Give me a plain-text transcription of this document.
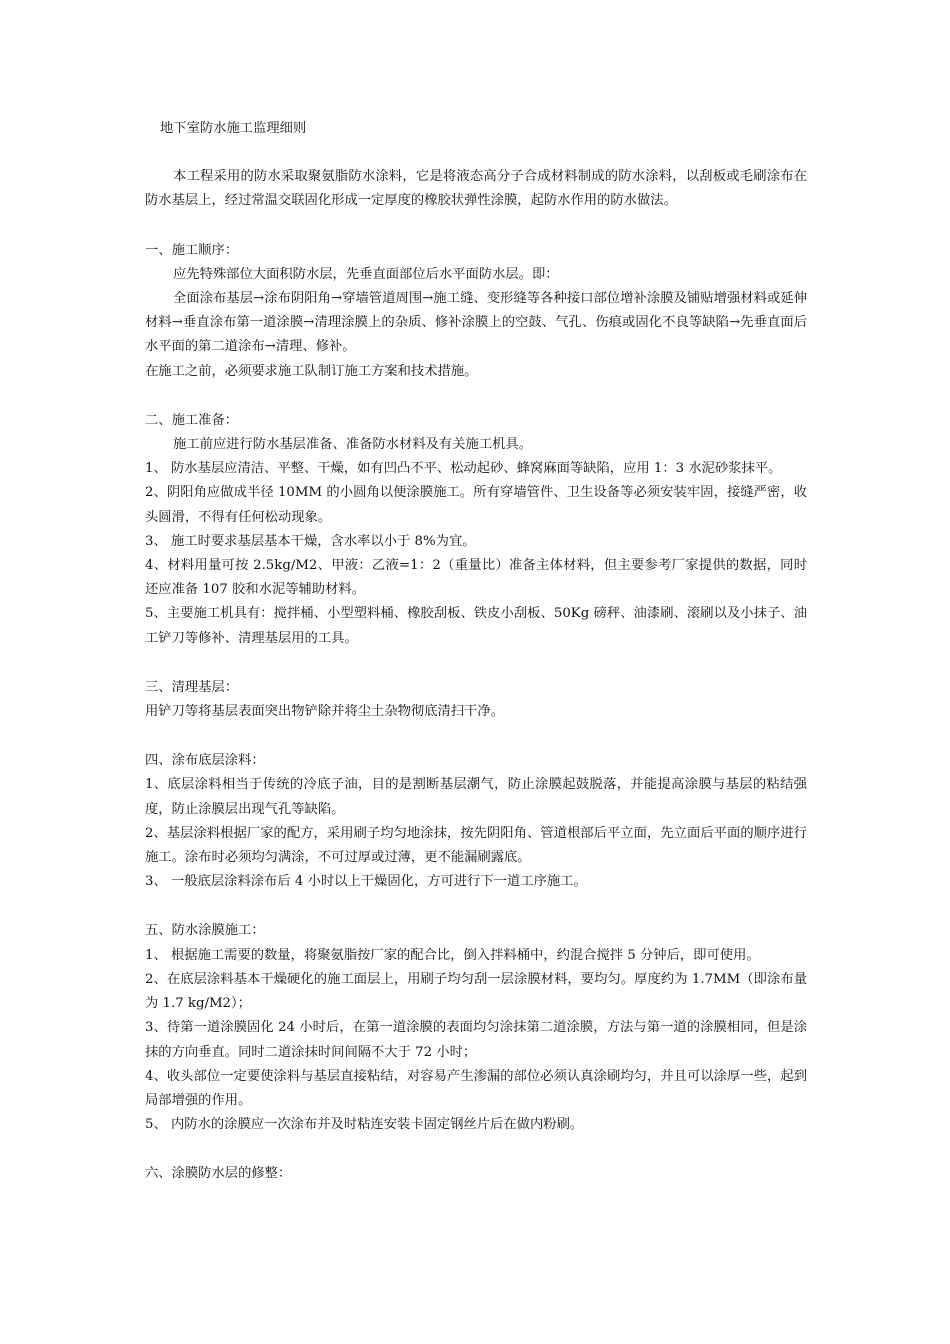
地下室防水施工监理细则

本工程采用的防水采取聚氨脂防水涂料，它是将液态高分子合成材料制成的防水涂料，以刮板或毛刷涂布在防水基层上，经过常温交联固化形成一定厚度的橡胶状弹性涂膜，起防水作用的防水做法。

一、施工顺序：

应先特殊部位大面积防水层，先垂直面部位后水平面防水层。即：

全面涂布基层→涂布阴阳角→穿墙管道周围→施工缝、变形缝等各种接口部位增补涂膜及铺贴增强材料或延伸材料→垂直涂布第一道涂膜→清理涂膜上的杂质、修补涂膜上的空鼓、气孔、伤痕或固化不良等缺陷→先垂直面后水平面的第二道涂布→清理、修补。

在施工之前，必须要求施工队制订施工方案和技术措施。

二、施工准备：

施工前应进行防水基层准备、准备防水材料及有关施工机具。

1、 防水基层应清洁、平整、干燥，如有凹凸不平、松动起砂、蜂窝麻面等缺陷，应用 1：3 水泥砂浆抹平。

2、阴阳角应做成半径 10MM 的小圆角以便涂膜施工。所有穿墙管件、卫生设备等必须安装牢固，接缝严密，收头圆滑，不得有任何松动现象。

3、 施工时要求基层基本干燥，含水率以小于 8%为宜。

4、材料用量可按 2.5kg/M2、甲液：乙液=1：2（重量比）准备主体材料，但主要参考厂家提供的数据，同时还应准备 107 胶和水泥等辅助材料。

5、主要施工机具有：搅拌桶、小型塑料桶、橡胶刮板、铁皮小刮板、50Kg 磅秤、油漆刷、滚刷以及小抹子、油工铲刀等修补、清理基层用的工具。

三、清理基层：

用铲刀等将基层表面突出物铲除并将尘土杂物彻底清扫干净。

四、涂布底层涂料：

1、底层涂料相当于传统的冷底子油，目的是割断基层潮气，防止涂膜起鼓脱落，并能提高涂膜与基层的粘结强度，防止涂膜层出现气孔等缺陷。

2、基层涂料根据厂家的配方，采用刷子均匀地涂抹，按先阴阳角、管道根部后平立面，先立面后平面的顺序进行施工。涂布时必须均匀满涂，不可过厚或过薄，更不能漏刷露底。

3、 一般底层涂料涂布后 4 小时以上干燥固化，方可进行下一道工序施工。

五、防水涂膜施工：

1、 根据施工需要的数量，将聚氨脂按厂家的配合比，倒入拌料桶中，约混合搅拌 5 分钟后，即可使用。

2、在底层涂料基本干燥硬化的施工面层上，用刷子均匀刮一层涂膜材料，要均匀。厚度约为 1.7MM（即涂布量为 1.7 kg/M2）；

3、待第一道涂膜固化 24 小时后，在第一道涂膜的表面均匀涂抹第二道涂膜，方法与第一道的涂膜相同，但是涂抹的方向垂直。同时二道涂抹时间间隔不大于 72 小时；

4、收头部位一定要使涂料与基层直接粘结，对容易产生渗漏的部位必须认真涂刷均匀，并且可以涂厚一些，起到局部增强的作用。

5、 内防水的涂膜应一次涂布并及时粘连安装卡固定钢丝片后在做内粉刷。

六、涂膜防水层的修整：
